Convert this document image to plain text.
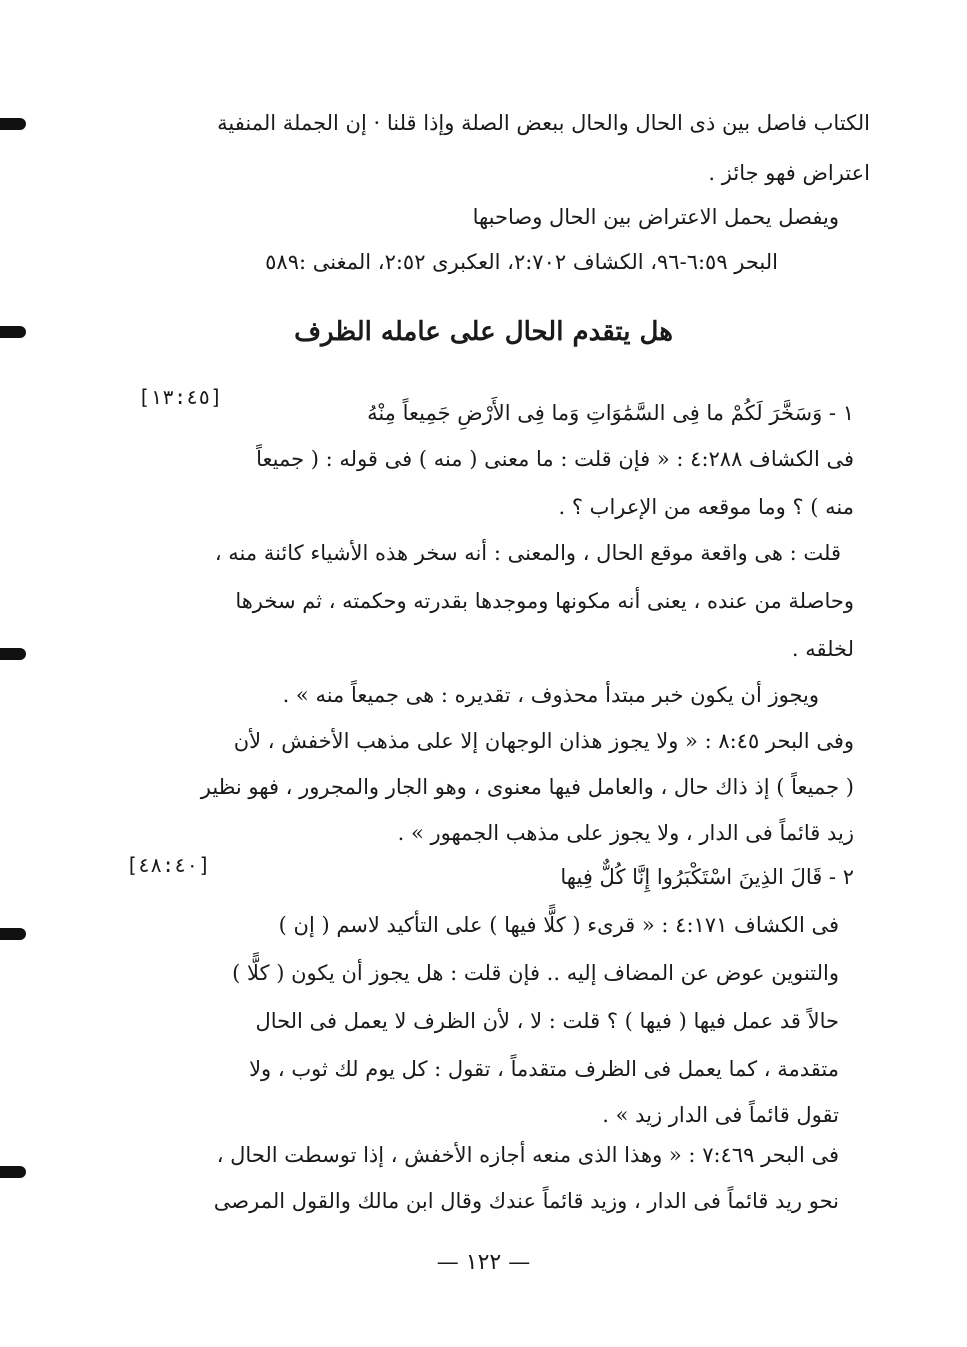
الكتاب فاصل بين ذى الحال والحال ببعض الصلة وإذا قلنا · إن الجملة المنفية
اعتراض فهو جائز .
ويفصل يحمل الاعتراض بين الحال وصاحبها
البحر ٦:٥٩-٩٦، الكشاف ٢:٧٠٢، العكبرى ٢:٥٢، المغنى :٥٨٩
هل يتقدم الحال على عامله الظرف
١ - وَسَخَّرَ لَكُمْ ما فِى السَّمَٰوَاتِ وَما فِى الأَرْضِ جَمِيعاً مِنْهُ
[١٣:٤٥]
فى الكشاف ٤:٢٨٨ : « فإن قلت : ما معنى ( منه ) فى قوله : ( جميعاً
منه ) ؟ وما موقعه من الإعراب ؟ .
قلت : هى واقعة موقع الحال ، والمعنى : أنه سخر هذه الأشياء كائنة منه ،
وحاصلة من عنده ، يعنى أنه مكونها وموجدها بقدرته وحكمته ، ثم سخرها
لخلقه .
ويجوز أن يكون خبر مبتدأ محذوف ، تقديره : هى جميعاً منه » .
وفى البحر ٨:٤٥ : « ولا يجوز هذان الوجهان إلا على مذهب الأخفش ، لأن
( جميعاً ) إذ ذاك حال ، والعامل فيها معنوى ، وهو الجار والمجرور ، فهو نظير
زيد قائماً فى الدار ، ولا يجوز على مذهب الجمهور » .
٢ - قَالَ الذِينَ اسْتَكْبَرُوا إِنَّا كُلٌّ فِيها
[٤٨:٤٠]
فى الكشاف ٤:١٧١ : « قرىء ( كلًّا فيها ) على التأكيد لاسم ( إن )
والتنوين عوض عن المضاف إليه .. فإن قلت : هل يجوز أن يكون ( كلًّا )
حالاً قد عمل فيها ( فيها ) ؟ قلت : لا ، لأن الظرف لا يعمل فى الحال
متقدمة ، كما يعمل فى الظرف متقدماً ، تقول : كل يوم لك ثوب ، ولا
تقول قائماً فى الدار زيد » .
فى البحر ٧:٤٦٩ : « وهذا الذى منعه أجازه الأخفش ، إذا توسطت الحال ،
نحو ريد قائماً فى الدار ، وزيد قائماً عندك وقال ابن مالك والقول المرصى
— ١٢٢ —
